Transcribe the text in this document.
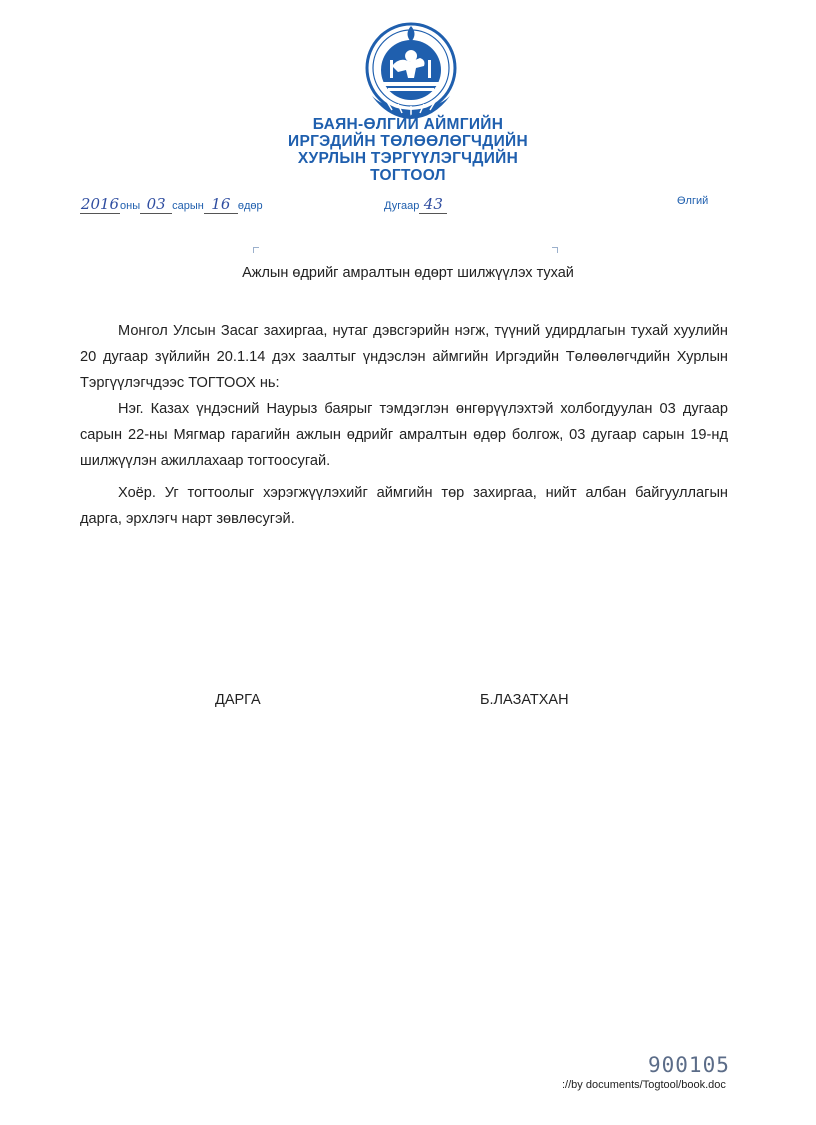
БАЯН-ӨЛГИЙ АЙМГИЙН
ИРГЭДИЙН ТӨЛӨӨЛӨГЧДИЙН
ХУРЛЫН ТЭРГҮҮЛЭГЧДИЙН
ТОГТООЛ
2016оны 03 сарын 16 өдөр	Дугаар 43	Өлгий
Ажлын өдрийг амралтын өдөрт шилжүүлэх тухай

Монгол Улсын Засаг захиргаа, нутаг дэвсгэрийн нэгж, түүний удирдлагын тухай хуулийн 20 дугаар зүйлийн 20.1.14 дэх заалтыг үндэслэн аймгийн Иргэдийн Төлөөлөгчдийн Хурлын Тэргүүлэгчдээс ТОГТООХ нь:

Нэг. Казах үндэсний Наурыз баярыг тэмдэглэн өнгөрүүлэхтэй холбогдуулан 03 дугаар сарын 22-ны Мягмар гарагийн ажлын өдрийг амралтын өдөр болгож, 03 дугаар сарын 19-нд шилжүүлэн ажиллахаар тогтоосугай.

Хоёр. Уг тогтоолыг хэрэгжүүлэхийг аймгийн төр захиргаа, нийт албан байгууллагын дарга, эрхлэгч нарт зөвлөсугэй.

ДАРГА	Б.ЛАЗАТХАН
900105
://by documents/Togtool/book.doc
